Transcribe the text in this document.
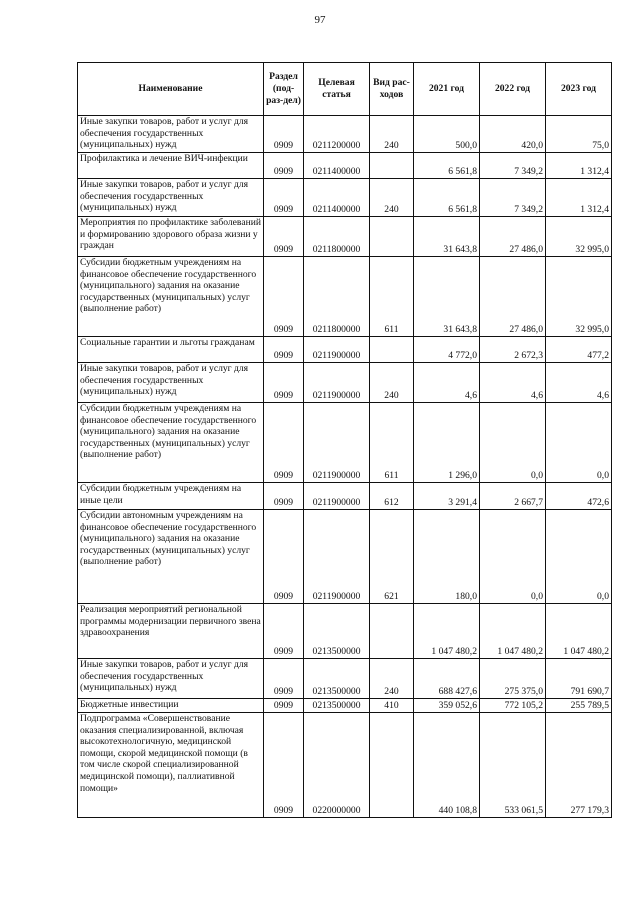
97
Наименование	Раздел (под-раз-дел)	Целевая статья	Вид рас-ходов	2021 год	2022 год	2023 год
Иные закупки товаров, работ и услуг для обеспечения государственных (муниципальных) нужд	0909	0211200000	240	500,0	420,0	75,0
Профилактика и лечение ВИЧ-инфекции	0909	0211400000		6 561,8	7 349,2	1 312,4
Иные закупки товаров, работ и услуг для обеспечения государственных (муниципальных) нужд	0909	0211400000	240	6 561,8	7 349,2	1 312,4
Мероприятия по профилактике заболеваний и формированию здорового образа жизни у граждан	0909	0211800000		31 643,8	27 486,0	32 995,0
Субсидии бюджетным учреждениям на финансовое обеспечение государственного (муниципального) задания на оказание государственных (муниципальных) услуг (выполнение работ)	0909	0211800000	611	31 643,8	27 486,0	32 995,0
Социальные гарантии и льготы гражданам	0909	0211900000		4 772,0	2 672,3	477,2
Иные закупки товаров, работ и услуг для обеспечения государственных (муниципальных) нужд	0909	0211900000	240	4,6	4,6	4,6
Субсидии бюджетным учреждениям на финансовое обеспечение государственного (муниципального) задания на оказание государственных (муниципальных) услуг (выполнение работ)	0909	0211900000	611	1 296,0	0,0	0,0
Субсидии бюджетным учреждениям на иные цели	0909	0211900000	612	3 291,4	2 667,7	472,6
Субсидии автономным учреждениям на финансовое обеспечение государственного (муниципального) задания на оказание государственных (муниципальных) услуг (выполнение работ)	0909	0211900000	621	180,0	0,0	0,0
Реализация мероприятий региональной программы модернизации первичного звена здравоохранения	0909	0213500000		1 047 480,2	1 047 480,2	1 047 480,2
Иные закупки товаров, работ и услуг для обеспечения государственных (муниципальных) нужд	0909	0213500000	240	688 427,6	275 375,0	791 690,7
Бюджетные инвестиции	0909	0213500000	410	359 052,6	772 105,2	255 789,5
Подпрограмма «Совершенствование оказания специализированной, включая высокотехнологичную, медицинской помощи, скорой медицинской помощи (в том числе скорой специализированной медицинской помощи), паллиативной помощи»	0909	0220000000		440 108,8	533 061,5	277 179,3
